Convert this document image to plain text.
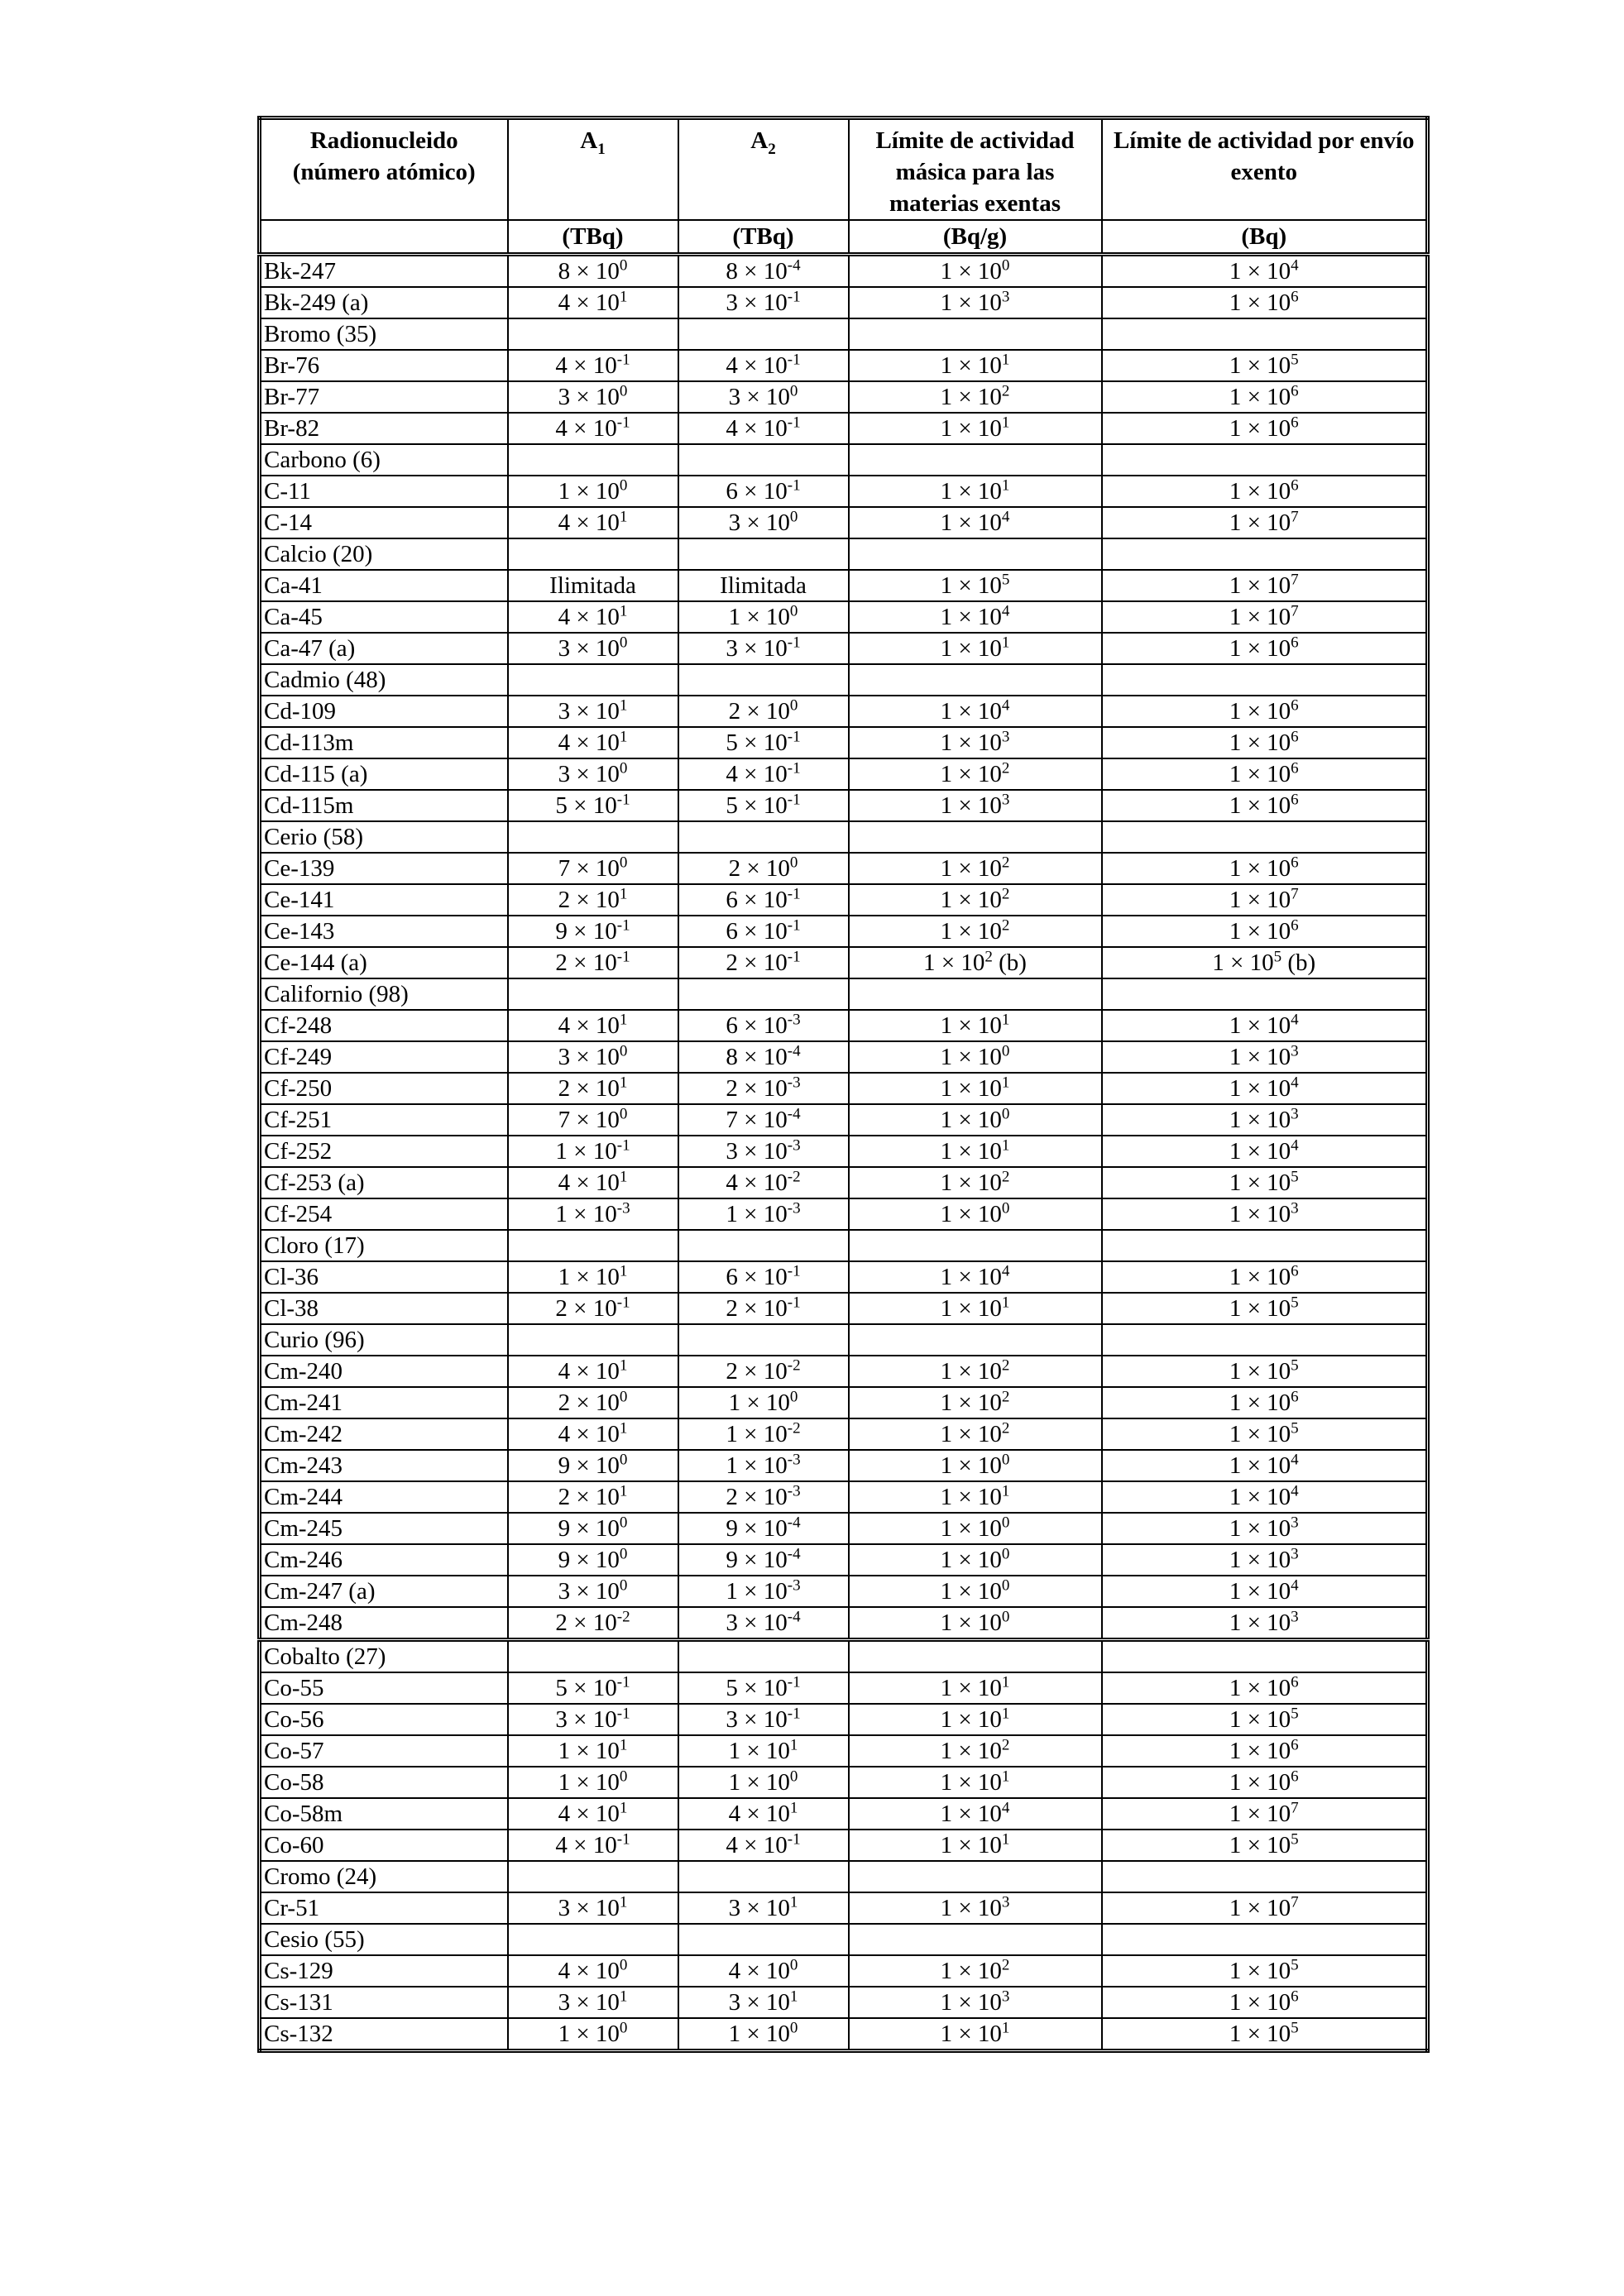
Radionucleido (número atómico)	$A_1$	$A_2$	Límite de actividad másica para las materias exentas	Límite de actividad por envío exento
	(TBq)	(TBq)	(Bq/g)	(Bq)
Bk-247	$8 \times 10^0$	$8 \times 10^{-4}$	$1 \times 10^0$	$1 \times 10^4$
Bk-249 (a)	$4 \times 10^1$	$3 \times 10^{-1}$	$1 \times 10^3$	$1 \times 10^6$
Bromo (35)				
Br-76	$4 \times 10^{-1}$	$4 \times 10^{-1}$	$1 \times 10^1$	$1 \times 10^5$
Br-77	$3 \times 10^0$	$3 \times 10^0$	$1 \times 10^2$	$1 \times 10^6$
Br-82	$4 \times 10^{-1}$	$4 \times 10^{-1}$	$1 \times 10^1$	$1 \times 10^6$
Carbono (6)				
C-11	$1 \times 10^0$	$6 \times 10^{-1}$	$1 \times 10^1$	$1 \times 10^6$
C-14	$4 \times 10^1$	$3 \times 10^0$	$1 \times 10^4$	$1 \times 10^7$
Calcio (20)				
Ca-41	Ilimitada	Ilimitada	$1 \times 10^5$	$1 \times 10^7$
Ca-45	$4 \times 10^1$	$1 \times 10^0$	$1 \times 10^4$	$1 \times 10^7$
Ca-47 (a)	$3 \times 10^0$	$3 \times 10^{-1}$	$1 \times 10^1$	$1 \times 10^6$
Cadmio (48)				
Cd-109	$3 \times 10^1$	$2 \times 10^0$	$1 \times 10^4$	$1 \times 10^6$
Cd-113m	$4 \times 10^1$	$5 \times 10^{-1}$	$1 \times 10^3$	$1 \times 10^6$
Cd-115 (a)	$3 \times 10^0$	$4 \times 10^{-1}$	$1 \times 10^2$	$1 \times 10^6$
Cd-115m	$5 \times 10^{-1}$	$5 \times 10^{-1}$	$1 \times 10^3$	$1 \times 10^6$
Cerio (58)				
Ce-139	$7 \times 10^0$	$2 \times 10^0$	$1 \times 10^2$	$1 \times 10^6$
Ce-141	$2 \times 10^1$	$6 \times 10^{-1}$	$1 \times 10^2$	$1 \times 10^7$
Ce-143	$9 \times 10^{-1}$	$6 \times 10^{-1}$	$1 \times 10^2$	$1 \times 10^6$
Ce-144 (a)	$2 \times 10^{-1}$	$2 \times 10^{-1}$	$1 \times 10^2$ (b)	$1 \times 10^5$ (b)
Californio (98)				
Cf-248	$4 \times 10^1$	$6 \times 10^{-3}$	$1 \times 10^1$	$1 \times 10^4$
Cf-249	$3 \times 10^0$	$8 \times 10^{-4}$	$1 \times 10^0$	$1 \times 10^3$
Cf-250	$2 \times 10^1$	$2 \times 10^{-3}$	$1 \times 10^1$	$1 \times 10^4$
Cf-251	$7 \times 10^0$	$7 \times 10^{-4}$	$1 \times 10^0$	$1 \times 10^3$
Cf-252	$1 \times 10^{-1}$	$3 \times 10^{-3}$	$1 \times 10^1$	$1 \times 10^4$
Cf-253 (a)	$4 \times 10^1$	$4 \times 10^{-2}$	$1 \times 10^2$	$1 \times 10^5$
Cf-254	$1 \times 10^{-3}$	$1 \times 10^{-3}$	$1 \times 10^0$	$1 \times 10^3$
Cloro (17)				
Cl-36	$1 \times 10^1$	$6 \times 10^{-1}$	$1 \times 10^4$	$1 \times 10^6$
Cl-38	$2 \times 10^{-1}$	$2 \times 10^{-1}$	$1 \times 10^1$	$1 \times 10^5$
Curio (96)				
Cm-240	$4 \times 10^1$	$2 \times 10^{-2}$	$1 \times 10^2$	$1 \times 10^5$
Cm-241	$2 \times 10^0$	$1 \times 10^0$	$1 \times 10^2$	$1 \times 10^6$
Cm-242	$4 \times 10^1$	$1 \times 10^{-2}$	$1 \times 10^2$	$1 \times 10^5$
Cm-243	$9 \times 10^0$	$1 \times 10^{-3}$	$1 \times 10^0$	$1 \times 10^4$
Cm-244	$2 \times 10^1$	$2 \times 10^{-3}$	$1 \times 10^1$	$1 \times 10^4$
Cm-245	$9 \times 10^0$	$9 \times 10^{-4}$	$1 \times 10^0$	$1 \times 10^3$
Cm-246	$9 \times 10^0$	$9 \times 10^{-4}$	$1 \times 10^0$	$1 \times 10^3$
Cm-247 (a)	$3 \times 10^0$	$1 \times 10^{-3}$	$1 \times 10^0$	$1 \times 10^4$
Cm-248	$2 \times 10^{-2}$	$3 \times 10^{-4}$	$1 \times 10^0$	$1 \times 10^3$
Cobalto (27)				
Co-55	$5 \times 10^{-1}$	$5 \times 10^{-1}$	$1 \times 10^1$	$1 \times 10^6$
Co-56	$3 \times 10^{-1}$	$3 \times 10^{-1}$	$1 \times 10^1$	$1 \times 10^5$
Co-57	$1 \times 10^1$	$1 \times 10^1$	$1 \times 10^2$	$1 \times 10^6$
Co-58	$1 \times 10^0$	$1 \times 10^0$	$1 \times 10^1$	$1 \times 10^6$
Co-58m	$4 \times 10^1$	$4 \times 10^1$	$1 \times 10^4$	$1 \times 10^7$
Co-60	$4 \times 10^{-1}$	$4 \times 10^{-1}$	$1 \times 10^1$	$1 \times 10^5$
Cromo (24)				
Cr-51	$3 \times 10^1$	$3 \times 10^1$	$1 \times 10^3$	$1 \times 10^7$
Cesio (55)				
Cs-129	$4 \times 10^0$	$4 \times 10^0$	$1 \times 10^2$	$1 \times 10^5$
Cs-131	$3 \times 10^1$	$3 \times 10^1$	$1 \times 10^3$	$1 \times 10^6$
Cs-132	$1 \times 10^0$	$1 \times 10^0$	$1 \times 10^1$	$1 \times 10^5$
